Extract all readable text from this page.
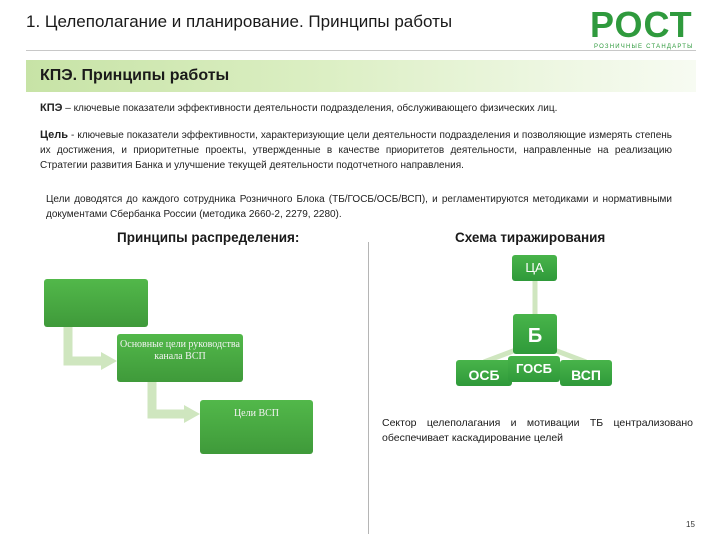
1. Целеполагание и планирование. Принципы работы	РОСТ
РОЗНИЧНЫЕ СТАНДАРТЫ
КПЭ. Принципы работы
КПЭ – ключевые показатели эффективности деятельности подразделения, обслуживающего физических лиц.
Цель - ключевые показатели эффективности, характеризующие цели деятельности подразделения и позволяющие измерять степень их достижения, и приоритетные проекты, утвержденные в качестве приоритетов деятельности, направленные на реализацию Стратегии развития Банка и улучшение текущей деятельности подотчетного направления.
Цели доводятся до каждого сотрудника Розничного Блока (ТБ/ГОСБ/ОСБ/ВСП), и регламентируются методиками и нормативными документами Сбербанка России (методика 2660-2, 2279, 2280).
Принципы распределения:	Схема тиражирования
Основные цели руководства канала ВСП
Цели ВСП
ЦА
Б
ОСБ	ВСП
ГОСБ
Сектор целеполагания и мотивации ТБ централизовано обеспечивает каскадирование целей
15
